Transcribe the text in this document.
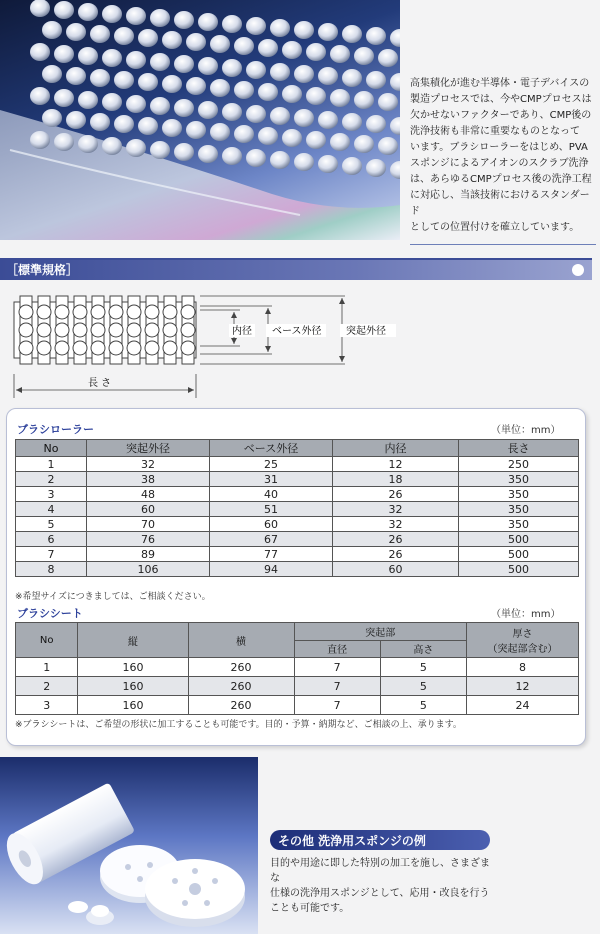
高集積化が進む半導体・電子デバイスの
製造プロセスでは、今やCMPプロセスは
欠かせないファクターであり、CMP後の
洗浄技術も非常に重要なものとなって
います。ブラシローラーをはじめ、PVA
スポンジによるアイオンのスクラブ洗浄
は、あらゆるCMPプロセス後の洗浄工程
に対応し、当該技術におけるスタンダード
としての位置付けを確立しています。
［標準規格］
内径 ベース外径 突起外径
長 さ
ブラシローラー	（単位：mm）
No	突起外径	ベース外径	内径	長さ
1	32	25	12	250
2	38	31	18	350
3	48	40	26	350
4	60	51	32	350
5	70	60	32	350
6	76	67	26	500
7	89	77	26	500
8	106	94	60	500
※希望サイズにつきましては、ご相談ください。
ブラシシート	（単位：mm）
No	縦	横	突起部		厚さ
（突起部含む）

			直径	高さ	
1	160	260	7	5	8
2	160	260	7	5	12
3	160	260	7	5	24
※ブラシシートは、ご希望の形状に加工することも可能です。目的・予算・納期など、ご相談の上、承ります。
その他 洗浄用スポンジの例
目的や用途に即した特別の加工を施し、さまざまな
仕様の洗浄用スポンジとして、応用・改良を行う
ことも可能です。
